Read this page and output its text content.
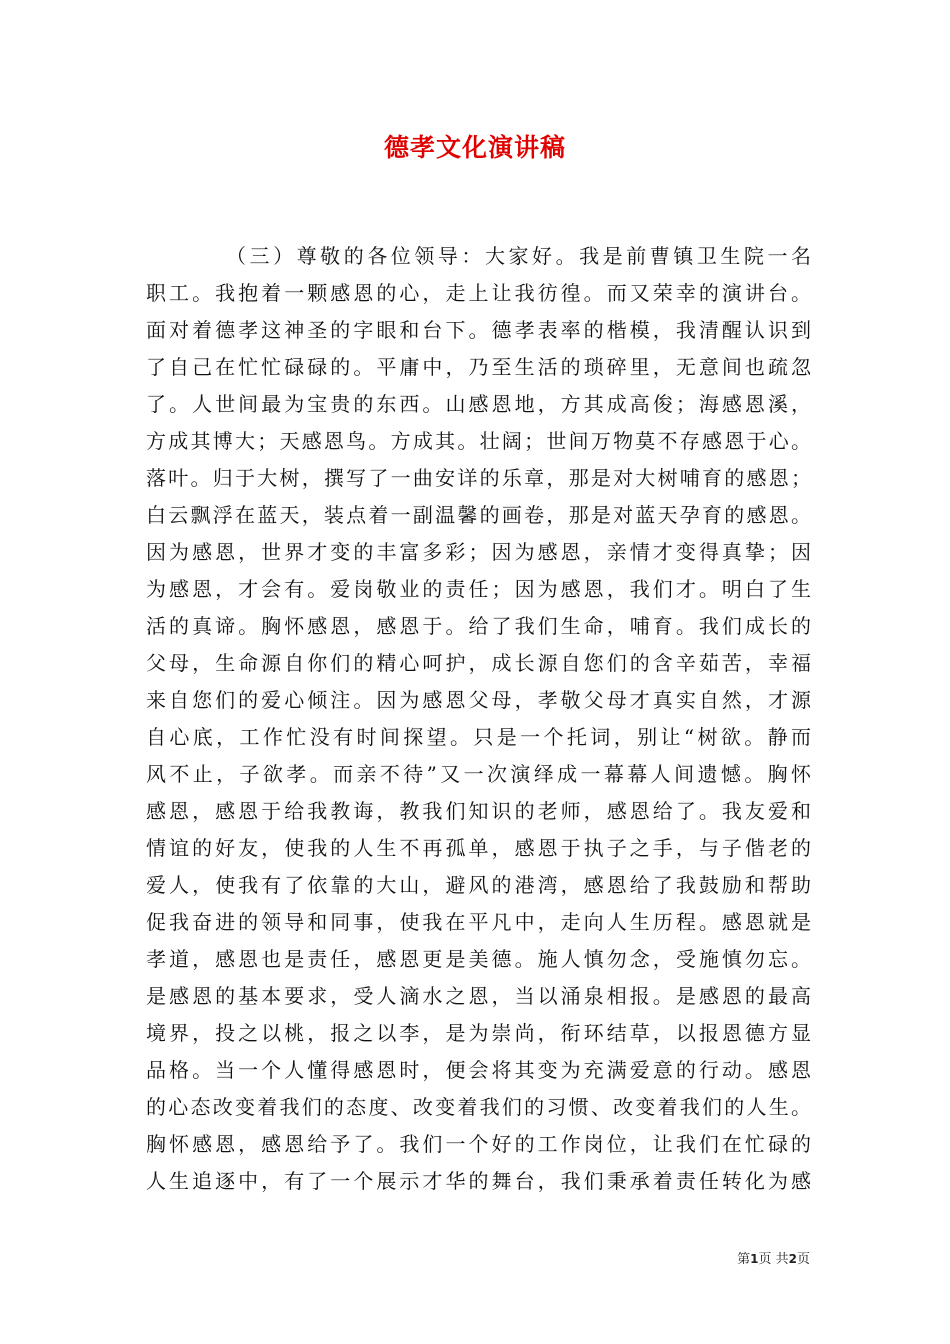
德孝文化演讲稿
（三）尊敬的各位领导：大家好。我是前曹镇卫生院一名
职工。我抱着一颗感恩的心，走上让我彷徨。而又荣幸的演讲台。
面对着德孝这神圣的字眼和台下。德孝表率的楷模，我清醒认识到
了自己在忙忙碌碌的。平庸中，乃至生活的琐碎里，无意间也疏忽
了。人世间最为宝贵的东西。山感恩地，方其成高俊；海感恩溪，
方成其博大；天感恩鸟。方成其。壮阔；世间万物莫不存感恩于心。
落叶。归于大树，撰写了一曲安详的乐章，那是对大树哺育的感恩；
白云飘浮在蓝天，装点着一副温馨的画卷，那是对蓝天孕育的感恩。
因为感恩，世界才变的丰富多彩；因为感恩，亲情才变得真挚；因
为感恩，才会有。爱岗敬业的责任；因为感恩，我们才。明白了生
活的真谛。胸怀感恩，感恩于。给了我们生命，哺育。我们成长的
父母，生命源自你们的精心呵护，成长源自您们的含辛茹苦，幸福
来自您们的爱心倾注。因为感恩父母，孝敬父母才真实自然，才源
自心底，工作忙没有时间探望。只是一个托词，别让“树欲。静而
风不止，子欲孝。而亲不待”又一次演绎成一幕幕人间遗憾。胸怀
感恩，感恩于给我教诲，教我们知识的老师，感恩给了。我友爱和
情谊的好友，使我的人生不再孤单，感恩于执子之手，与子偕老的
爱人，使我有了依靠的大山，避风的港湾，感恩给了我鼓励和帮助
促我奋进的领导和同事，使我在平凡中，走向人生历程。感恩就是
孝道，感恩也是责任，感恩更是美德。施人慎勿念，受施慎勿忘。
是感恩的基本要求，受人滴水之恩，当以涌泉相报。是感恩的最高
境界，投之以桃，报之以李，是为崇尚，衔环结草，以报恩德方显
品格。当一个人懂得感恩时，便会将其变为充满爱意的行动。感恩
的心态改变着我们的态度、改变着我们的习惯、改变着我们的人生。
胸怀感恩，感恩给予了。我们一个好的工作岗位，让我们在忙碌的
人生追逐中，有了一个展示才华的舞台，我们秉承着责任转化为感
第1页 共2页
